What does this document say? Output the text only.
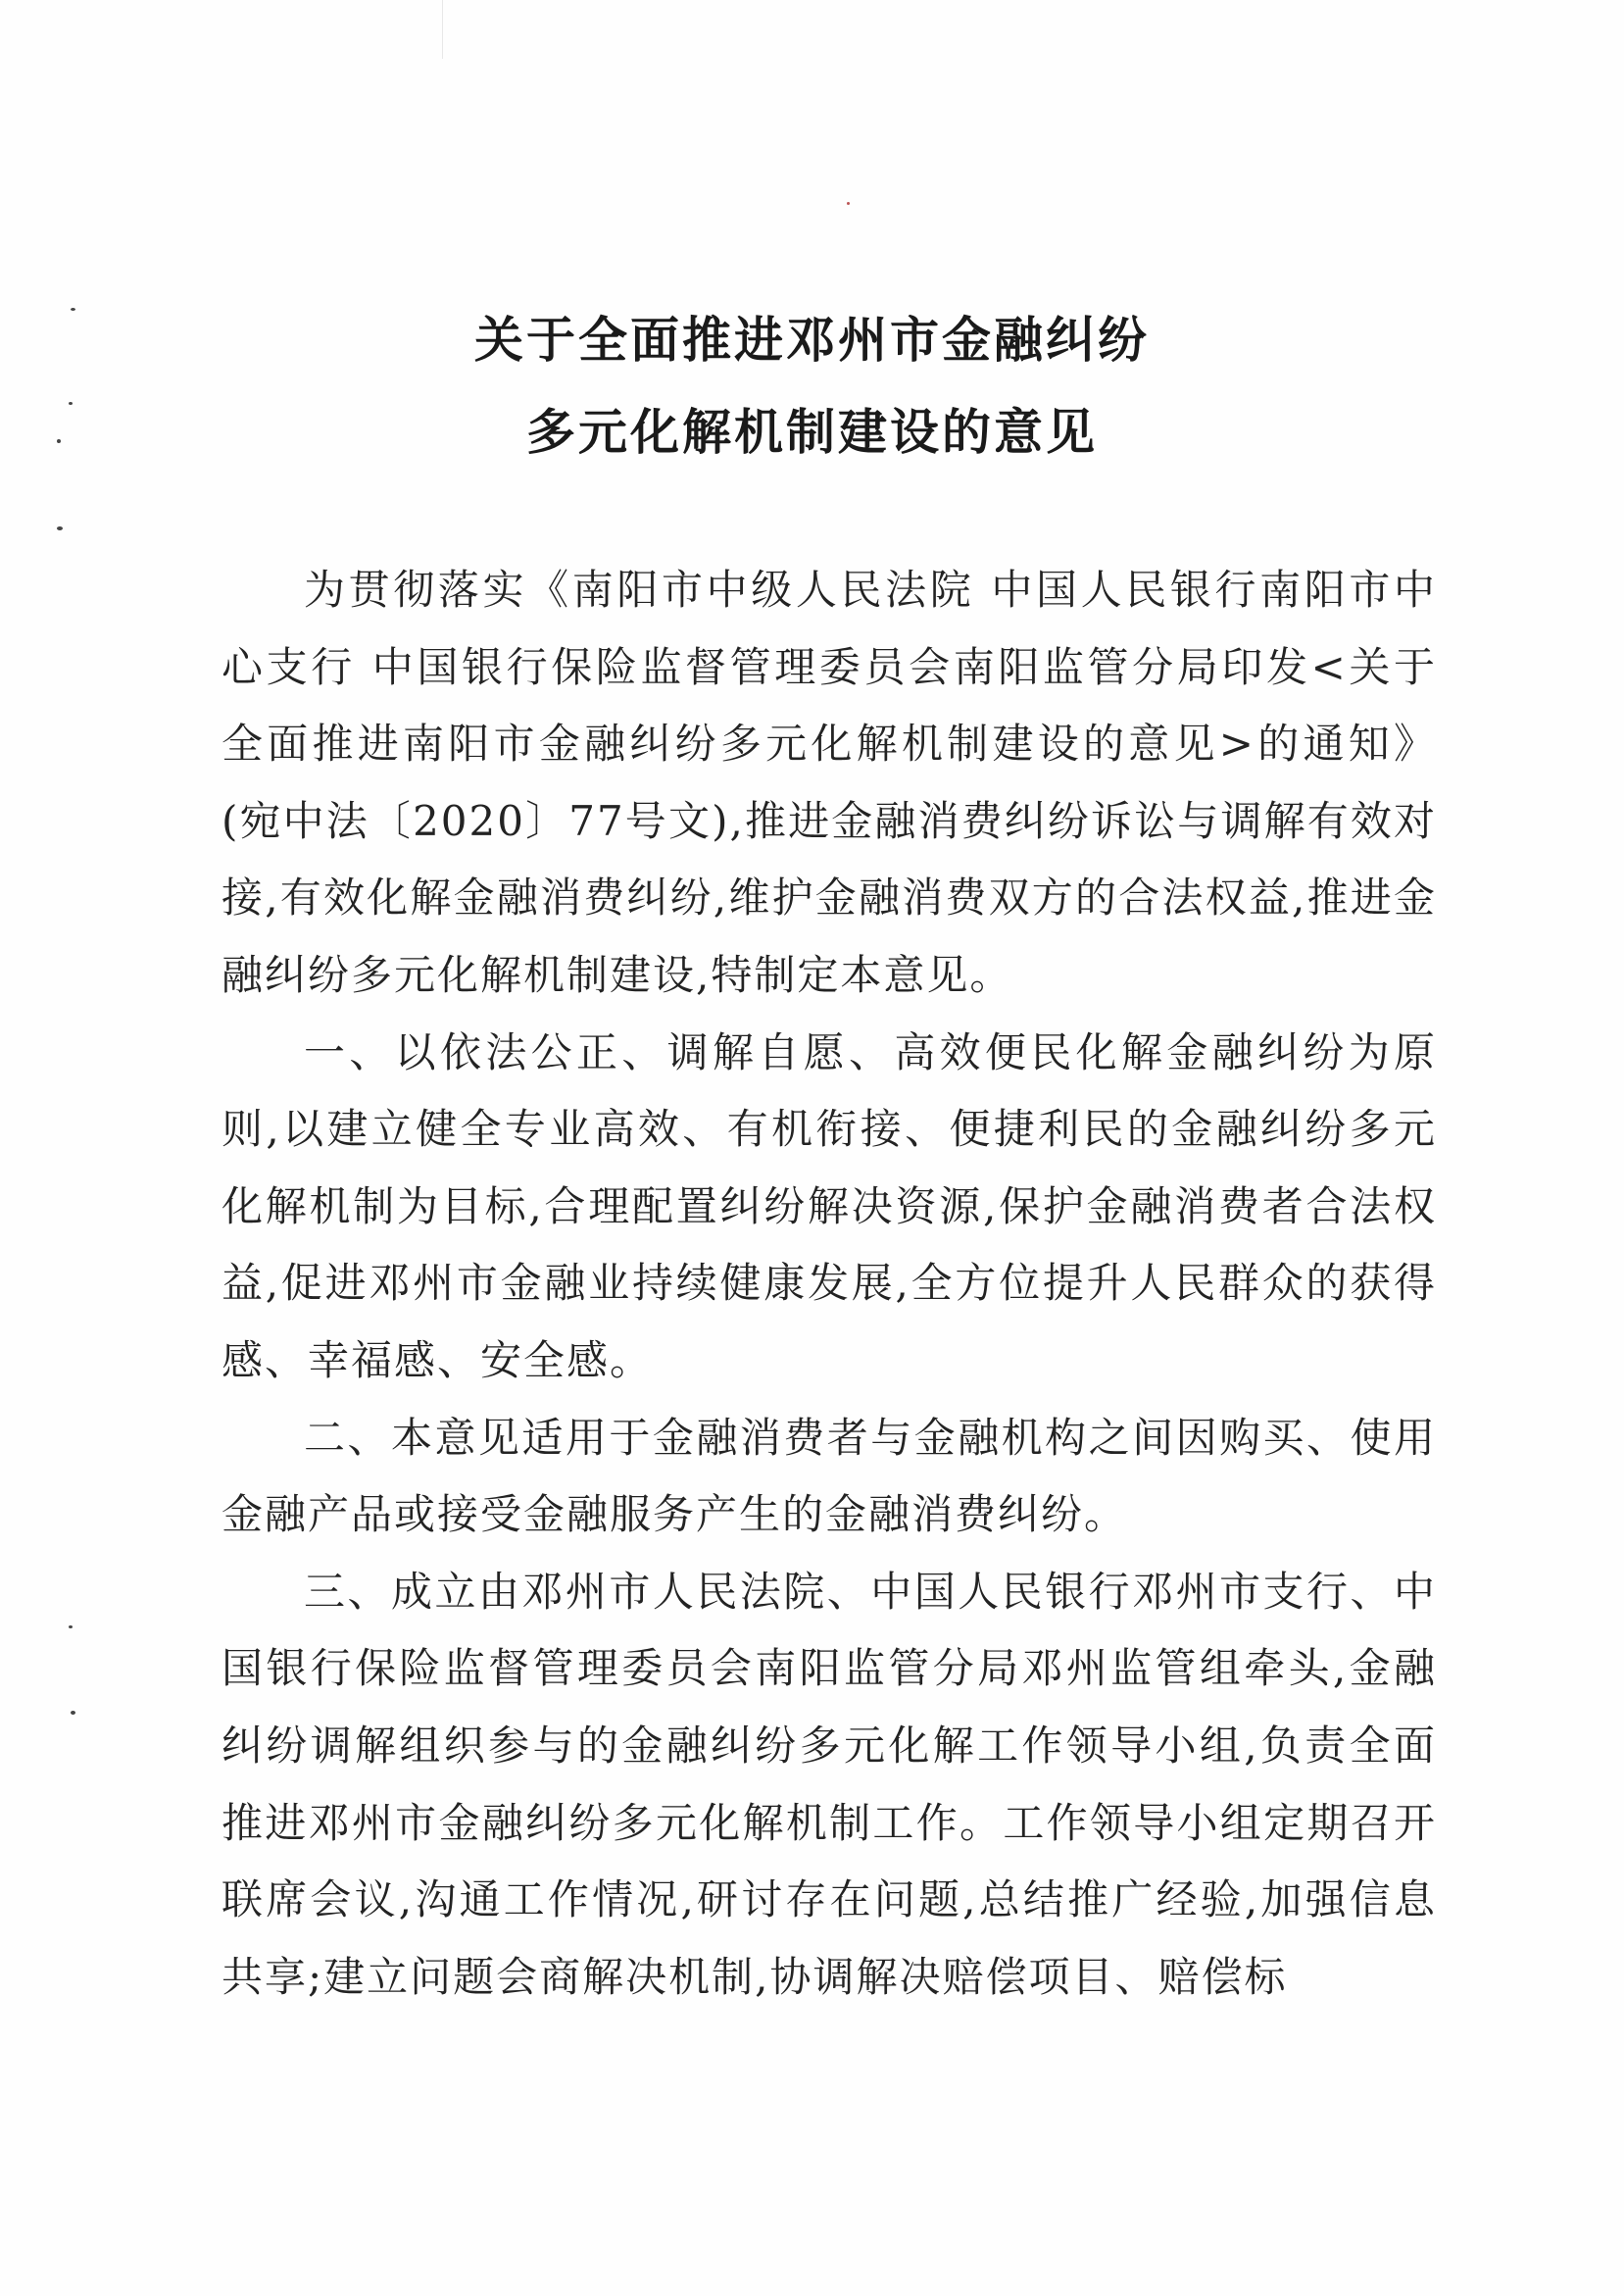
关于全面推进邓州市金融纠纷
多元化解机制建设的意见

为贯彻落实《南阳市中级人民法院 中国人民银行南阳市中心支行 中国银行保险监督管理委员会南阳监管分局印发<关于全面推进南阳市金融纠纷多元化解机制建设的意见>的通知》(宛中法〔2020〕77号文),推进金融消费纠纷诉讼与调解有效对接,有效化解金融消费纠纷,维护金融消费双方的合法权益,推进金融纠纷多元化解机制建设,特制定本意见。

一、以依法公正、调解自愿、高效便民化解金融纠纷为原则,以建立健全专业高效、有机衔接、便捷利民的金融纠纷多元化解机制为目标,合理配置纠纷解决资源,保护金融消费者合法权益,促进邓州市金融业持续健康发展,全方位提升人民群众的获得感、幸福感、安全感。

二、本意见适用于金融消费者与金融机构之间因购买、使用金融产品或接受金融服务产生的金融消费纠纷。

三、成立由邓州市人民法院、中国人民银行邓州市支行、中国银行保险监督管理委员会南阳监管分局邓州监管组牵头,金融纠纷调解组织参与的金融纠纷多元化解工作领导小组,负责全面推进邓州市金融纠纷多元化解机制工作。工作领导小组定期召开联席会议,沟通工作情况,研讨存在问题,总结推广经验,加强信息共享;建立问题会商解决机制,协调解决赔偿项目、赔偿标
